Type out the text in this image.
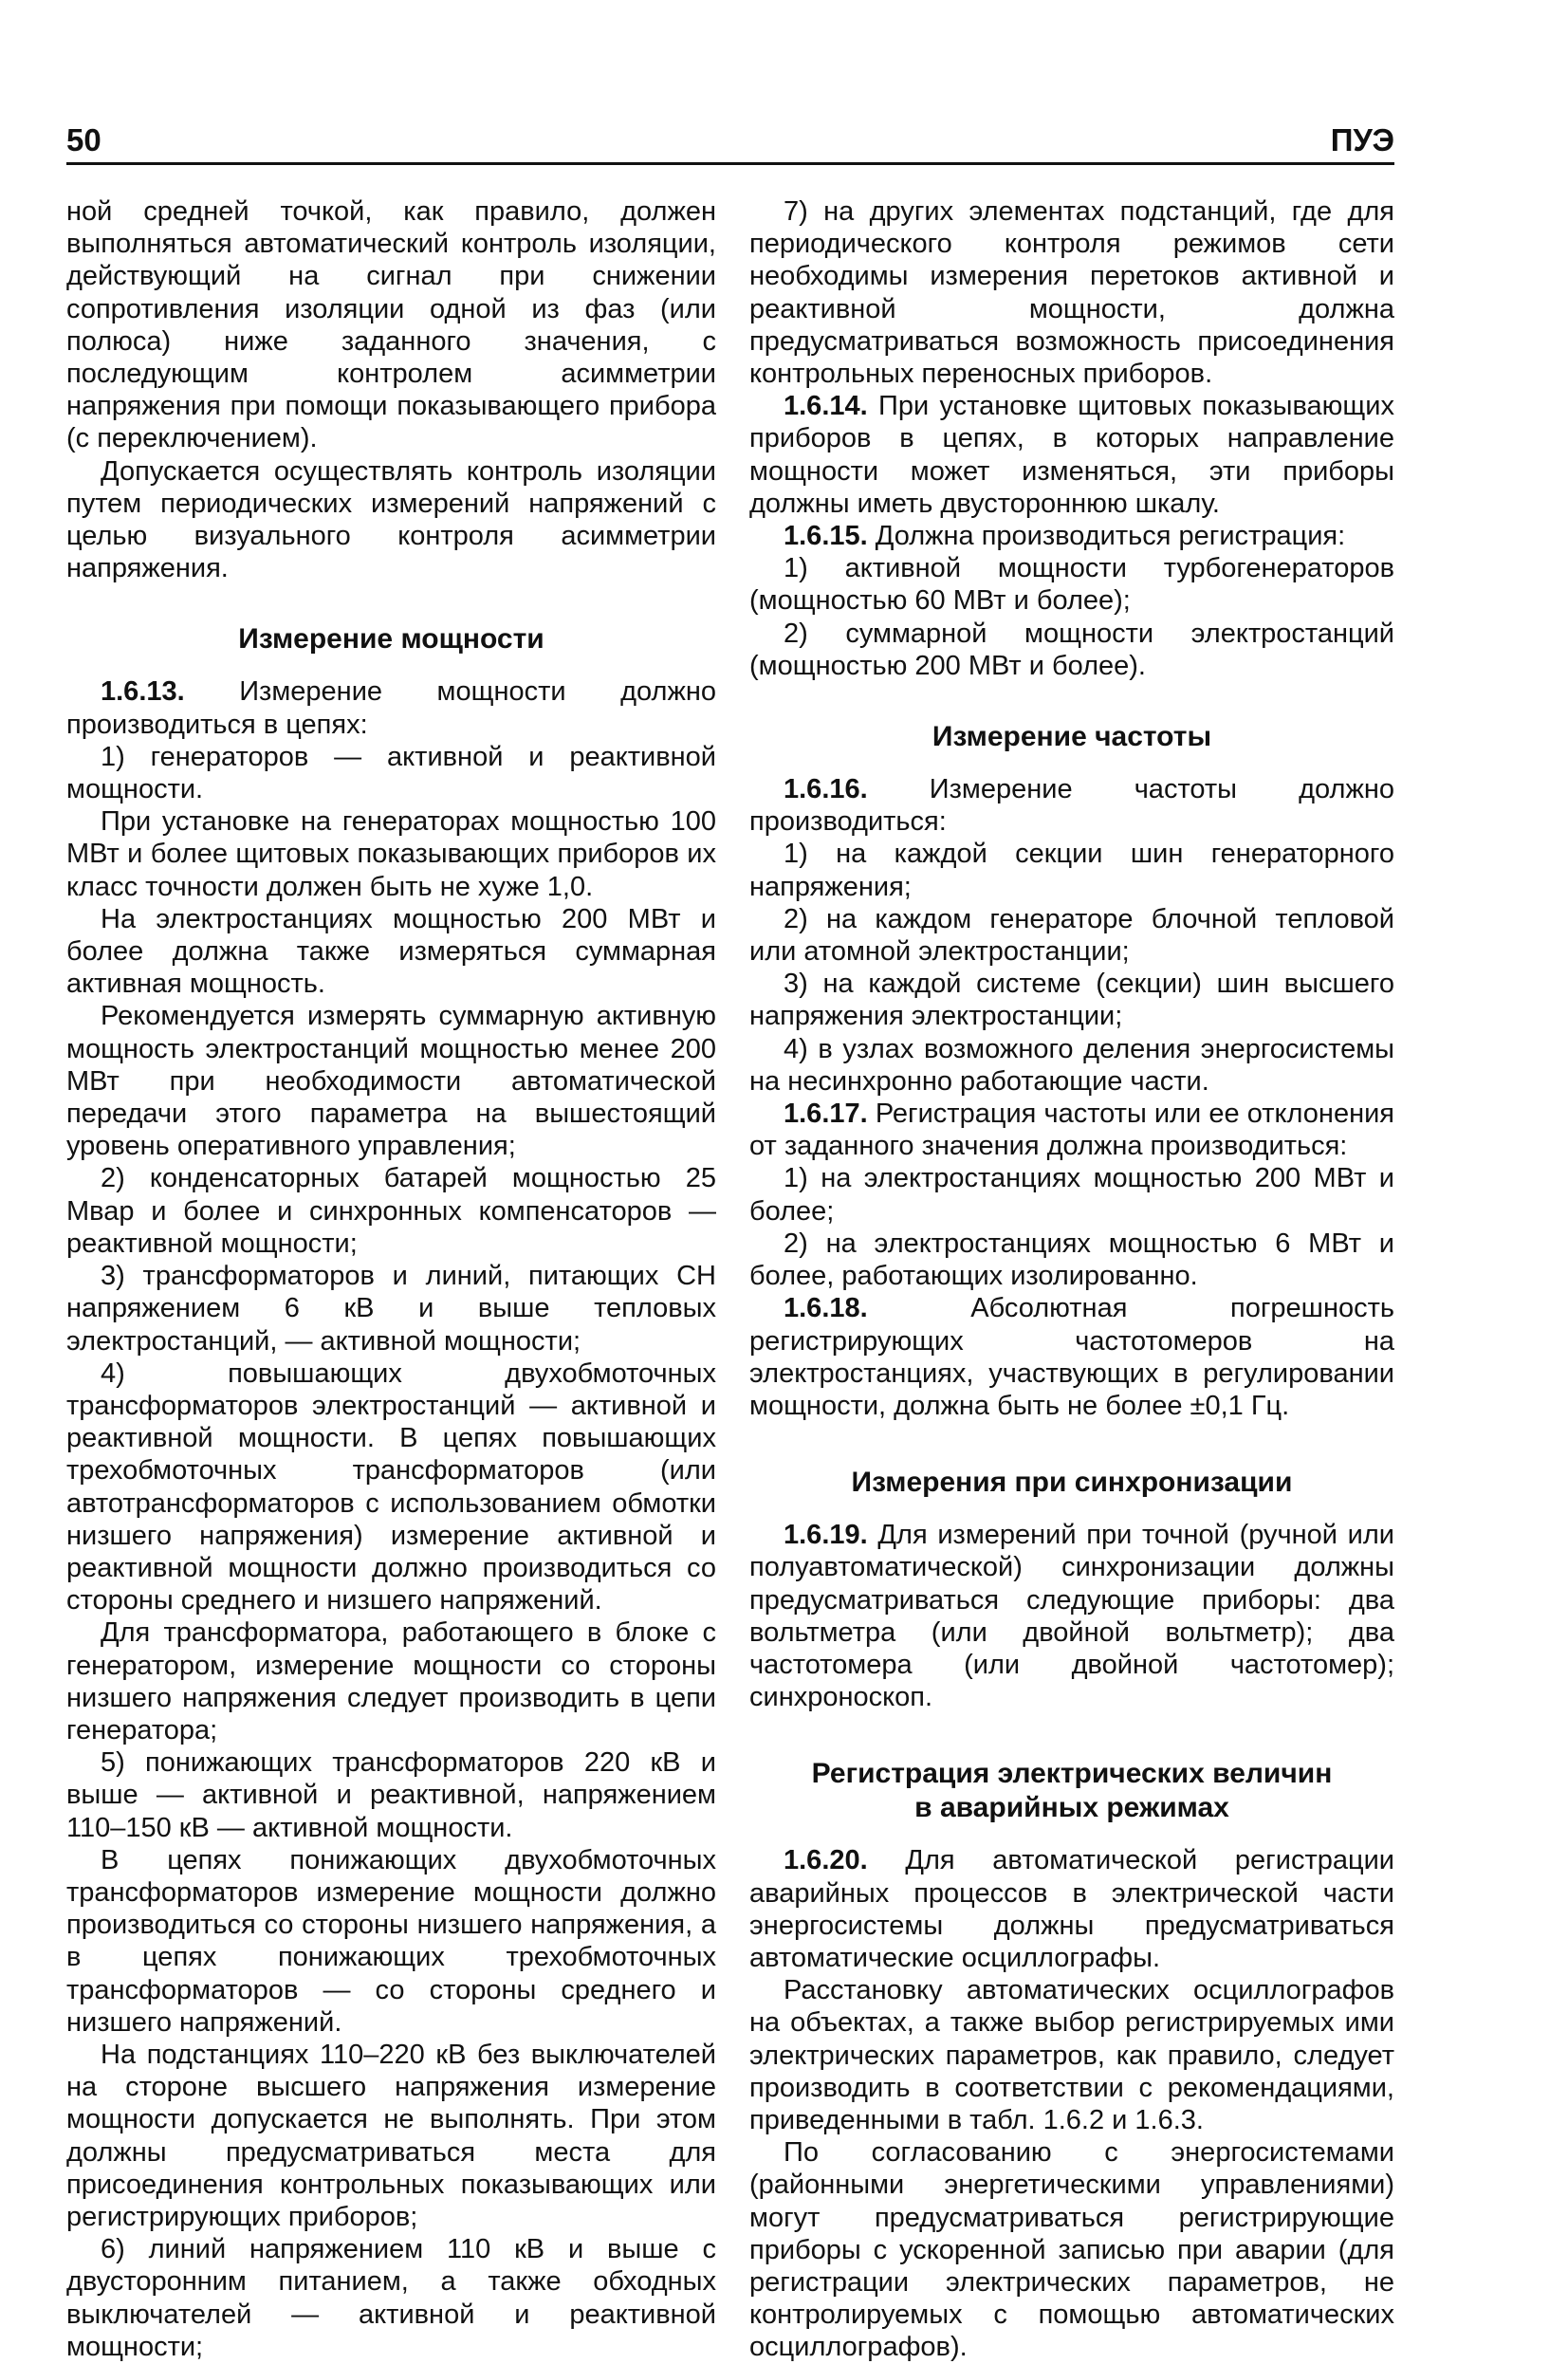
50	ПУЭ

ной средней точкой, как правило, должен выполняться автоматический контроль изоляции, действующий на сигнал при снижении сопротивления изоляции одной из фаз (или полюса) ниже заданного значения, с последующим контролем асимметрии напряжения при помощи показывающего прибора (с переключением).

Допускается осуществлять контроль изоляции путем периодических измерений напряжений с целью визуального контроля асимметрии напряжения.

Измерение мощности

1.6.13. Измерение мощности должно производиться в цепях:

1) генераторов — активной и реактивной мощности.

При установке на генераторах мощностью 100 МВт и более щитовых показывающих приборов их класс точности должен быть не хуже 1,0.

На электростанциях мощностью 200 МВт и более должна также измеряться суммарная активная мощность.

Рекомендуется измерять суммарную активную мощность электростанций мощностью менее 200 МВт при необходимости автоматической передачи этого параметра на вышестоящий уровень оперативного управления;

2) конденсаторных батарей мощностью 25 Мвар и более и синхронных компенсаторов — реактивной мощности;

3) трансформаторов и линий, питающих СН напряжением 6 кВ и выше тепловых электростанций, — активной мощности;

4) повышающих двухобмоточных трансформаторов электростанций — активной и реактивной мощности. В цепях повышающих трехобмоточных трансформаторов (или автотрансформаторов с использованием обмотки низшего напряжения) измерение активной и реактивной мощности должно производиться со стороны среднего и низшего напряжений.

Для трансформатора, работающего в блоке с генератором, измерение мощности со стороны низшего напряжения следует производить в цепи генератора;

5) понижающих трансформаторов 220 кВ и выше — активной и реактивной, напряжением 110–150 кВ — активной мощности.

В цепях понижающих двухобмоточных трансформаторов измерение мощности должно производиться со стороны низшего напряжения, а в цепях понижающих трехобмоточных трансформаторов — со стороны среднего и низшего напряжений.

На подстанциях 110–220 кВ без выключателей на стороне высшего напряжения измерение мощности допускается не выполнять. При этом должны предусматриваться места для присоединения контрольных показывающих или регистрирующих приборов;

6) линий напряжением 110 кВ и выше с двусторонним питанием, а также обходных выключателей — активной и реактивной мощности;

7) на других элементах подстанций, где для периодического контроля режимов сети необходимы измерения перетоков активной и реактивной мощности, должна предусматриваться возможность присоединения контрольных переносных приборов.

1.6.14. При установке щитовых показывающих приборов в цепях, в которых направление мощности может изменяться, эти приборы должны иметь двустороннюю шкалу.

1.6.15. Должна производиться регистрация:

1) активной мощности турбогенераторов (мощностью 60 МВт и более);

2) суммарной мощности электростанций (мощностью 200 МВт и более).

Измерение частоты

1.6.16. Измерение частоты должно производиться:

1) на каждой секции шин генераторного напряжения;

2) на каждом генераторе блочной тепловой или атомной электростанции;

3) на каждой системе (секции) шин высшего напряжения электростанции;

4) в узлах возможного деления энергосистемы на несинхронно работающие части.

1.6.17. Регистрация частоты или ее отклонения от заданного значения должна производиться:

1) на электростанциях мощностью 200 МВт и более;

2) на электростанциях мощностью 6 МВт и более, работающих изолированно.

1.6.18. Абсолютная погрешность регистрирующих частотомеров на электростанциях, участвующих в регулировании мощности, должна быть не более ±0,1 Гц.

Измерения при синхронизации

1.6.19. Для измерений при точной (ручной или полуавтоматической) синхронизации должны предусматриваться следующие приборы: два вольтметра (или двойной вольтметр); два частотомера (или двойной частотомер); синхроноскоп.

Регистрация электрических величин
в аварийных режимах

1.6.20. Для автоматической регистрации аварийных процессов в электрической части энергосистемы должны предусматриваться автоматические осциллографы.

Расстановку автоматических осциллографов на объектах, а также выбор регистрируемых ими электрических параметров, как правило, следует производить в соответствии с рекомендациями, приведенными в табл. 1.6.2 и 1.6.3.

По согласованию с энергосистемами (районными энергетическими управлениями) могут предусматриваться регистрирующие приборы с ускоренной записью при аварии (для регистрации электрических параметров, не контролируемых с помощью автоматических осциллографов).
